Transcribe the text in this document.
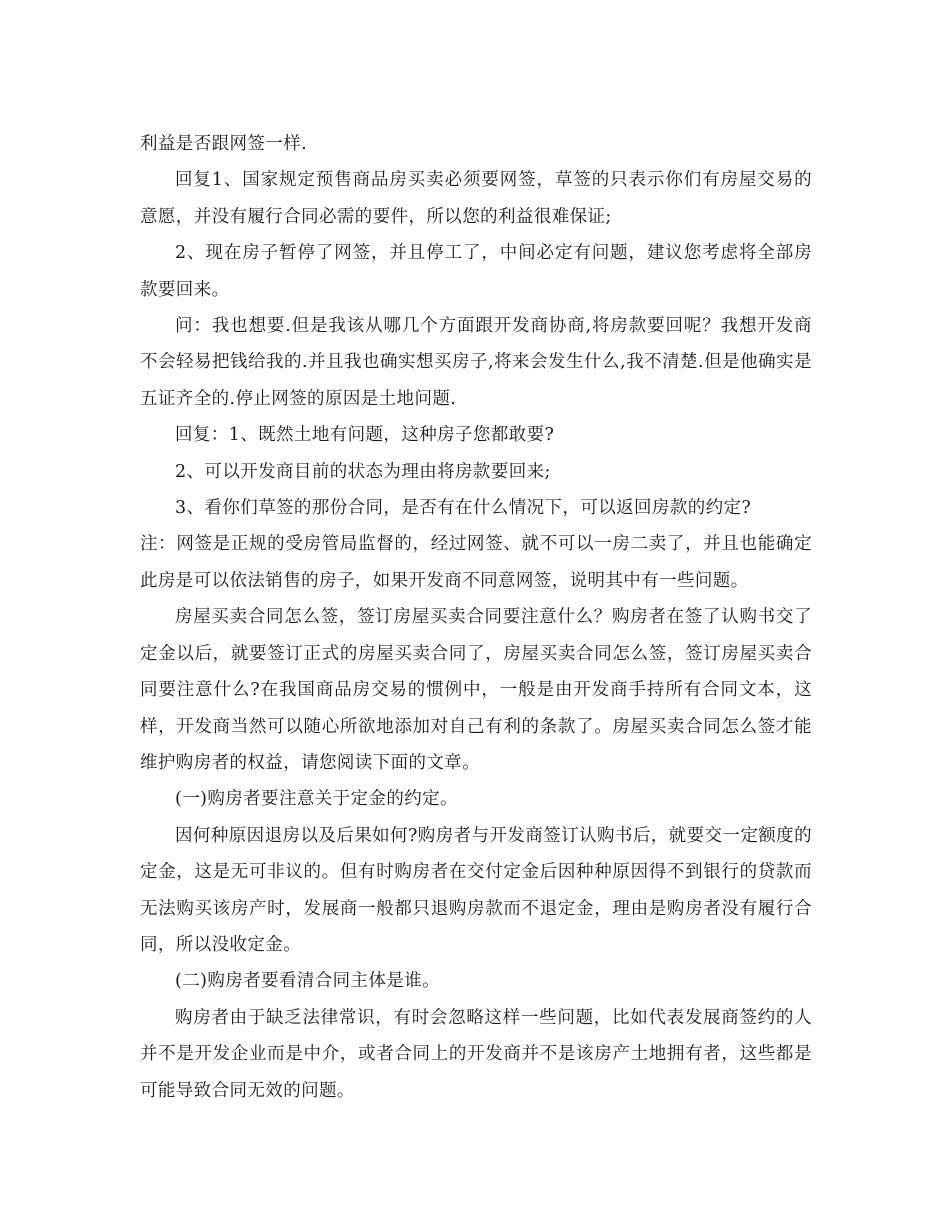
利益是否跟网签一样.

回复1、国家规定预售商品房买卖必须要网签，草签的只表示你们有房屋交易的意愿，并没有履行合同必需的要件，所以您的利益很难保证;

2、现在房子暂停了网签，并且停工了，中间必定有问题，建议您考虑将全部房款要回来。

问：我也想要.但是我该从哪几个方面跟开发商协商,将房款要回呢？我想开发商不会轻易把钱给我的.并且我也确实想买房子,将来会发生什么,我不清楚.但是他确实是五证齐全的.停止网签的原因是土地问题.

回复：1、既然土地有问题，这种房子您都敢要?

2、可以开发商目前的状态为理由将房款要回来;

3、看你们草签的那份合同，是否有在什么情况下，可以返回房款的约定?

注：网签是正规的受房管局监督的，经过网签、就不可以一房二卖了，并且也能确定此房是可以依法销售的房子，如果开发商不同意网签，说明其中有一些问题。

房屋买卖合同怎么签，签订房屋买卖合同要注意什么？购房者在签了认购书交了定金以后，就要签订正式的房屋买卖合同了，房屋买卖合同怎么签，签订房屋买卖合同要注意什么?在我国商品房交易的惯例中，一般是由开发商手持所有合同文本，这样，开发商当然可以随心所欲地添加对自己有利的条款了。房屋买卖合同怎么签才能维护购房者的权益，请您阅读下面的文章。

(一)购房者要注意关于定金的约定。

因何种原因退房以及后果如何?购房者与开发商签订认购书后，就要交一定额度的定金，这是无可非议的。但有时购房者在交付定金后因种种原因得不到银行的贷款而无法购买该房产时，发展商一般都只退购房款而不退定金，理由是购房者没有履行合同，所以没收定金。

(二)购房者要看清合同主体是谁。

购房者由于缺乏法律常识，有时会忽略这样一些问题，比如代表发展商签约的人并不是开发企业而是中介，或者合同上的开发商并不是该房产土地拥有者，这些都是可能导致合同无效的问题。
